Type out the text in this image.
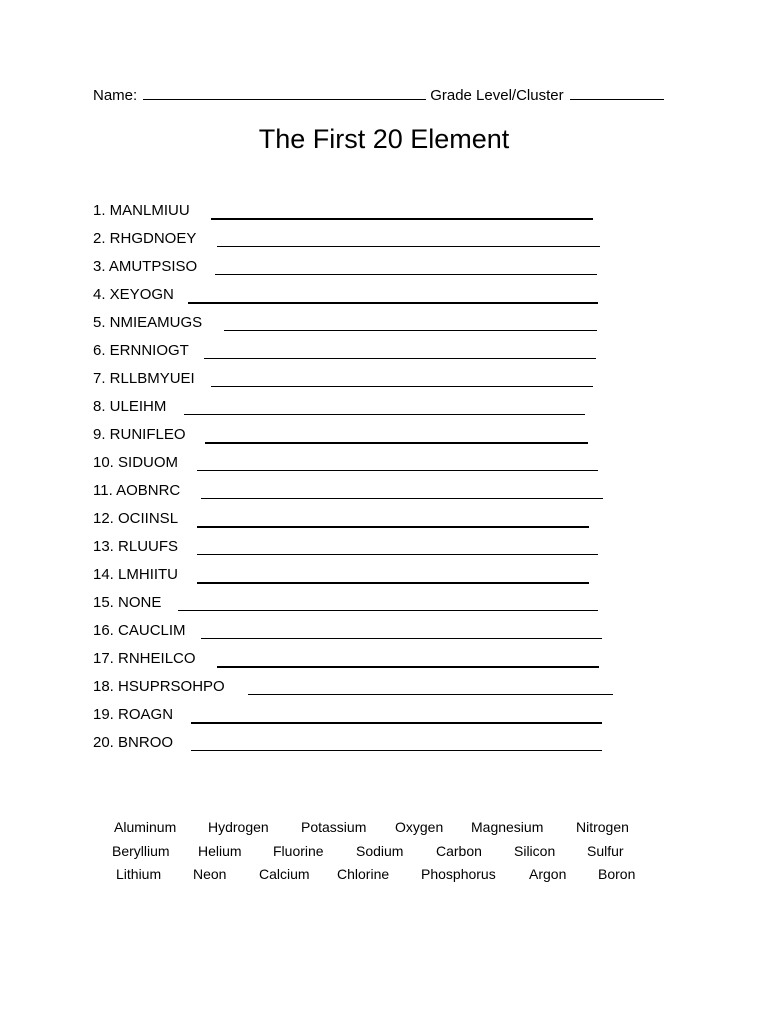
Name:	Grade Level/Cluster
The First 20 Element
1. MANLMIUU
2. RHGDNOEY
3. AMUTPSISO
4. XEYOGN
5. NMIEAMUGS
6. ERNNIOGT
7. RLLBMYUEI
8. ULEIHM
9. RUNIFLEO
10. SIDUOM
11. AOBNRC
12. OCIINSL
13. RLUUFS
14. LMHIITU
15. NONE
16. CAUCLIM
17. RNHEILCO
18. HSUPRSOHPO
19. ROAGN
20. BNROO
Aluminum Hydrogen Potassium Oxygen Magnesium Nitrogen
Beryllium Helium Fluorine Sodium Carbon Silicon Sulfur
Lithium Neon Calcium Chlorine Phosphorus Argon Boron
